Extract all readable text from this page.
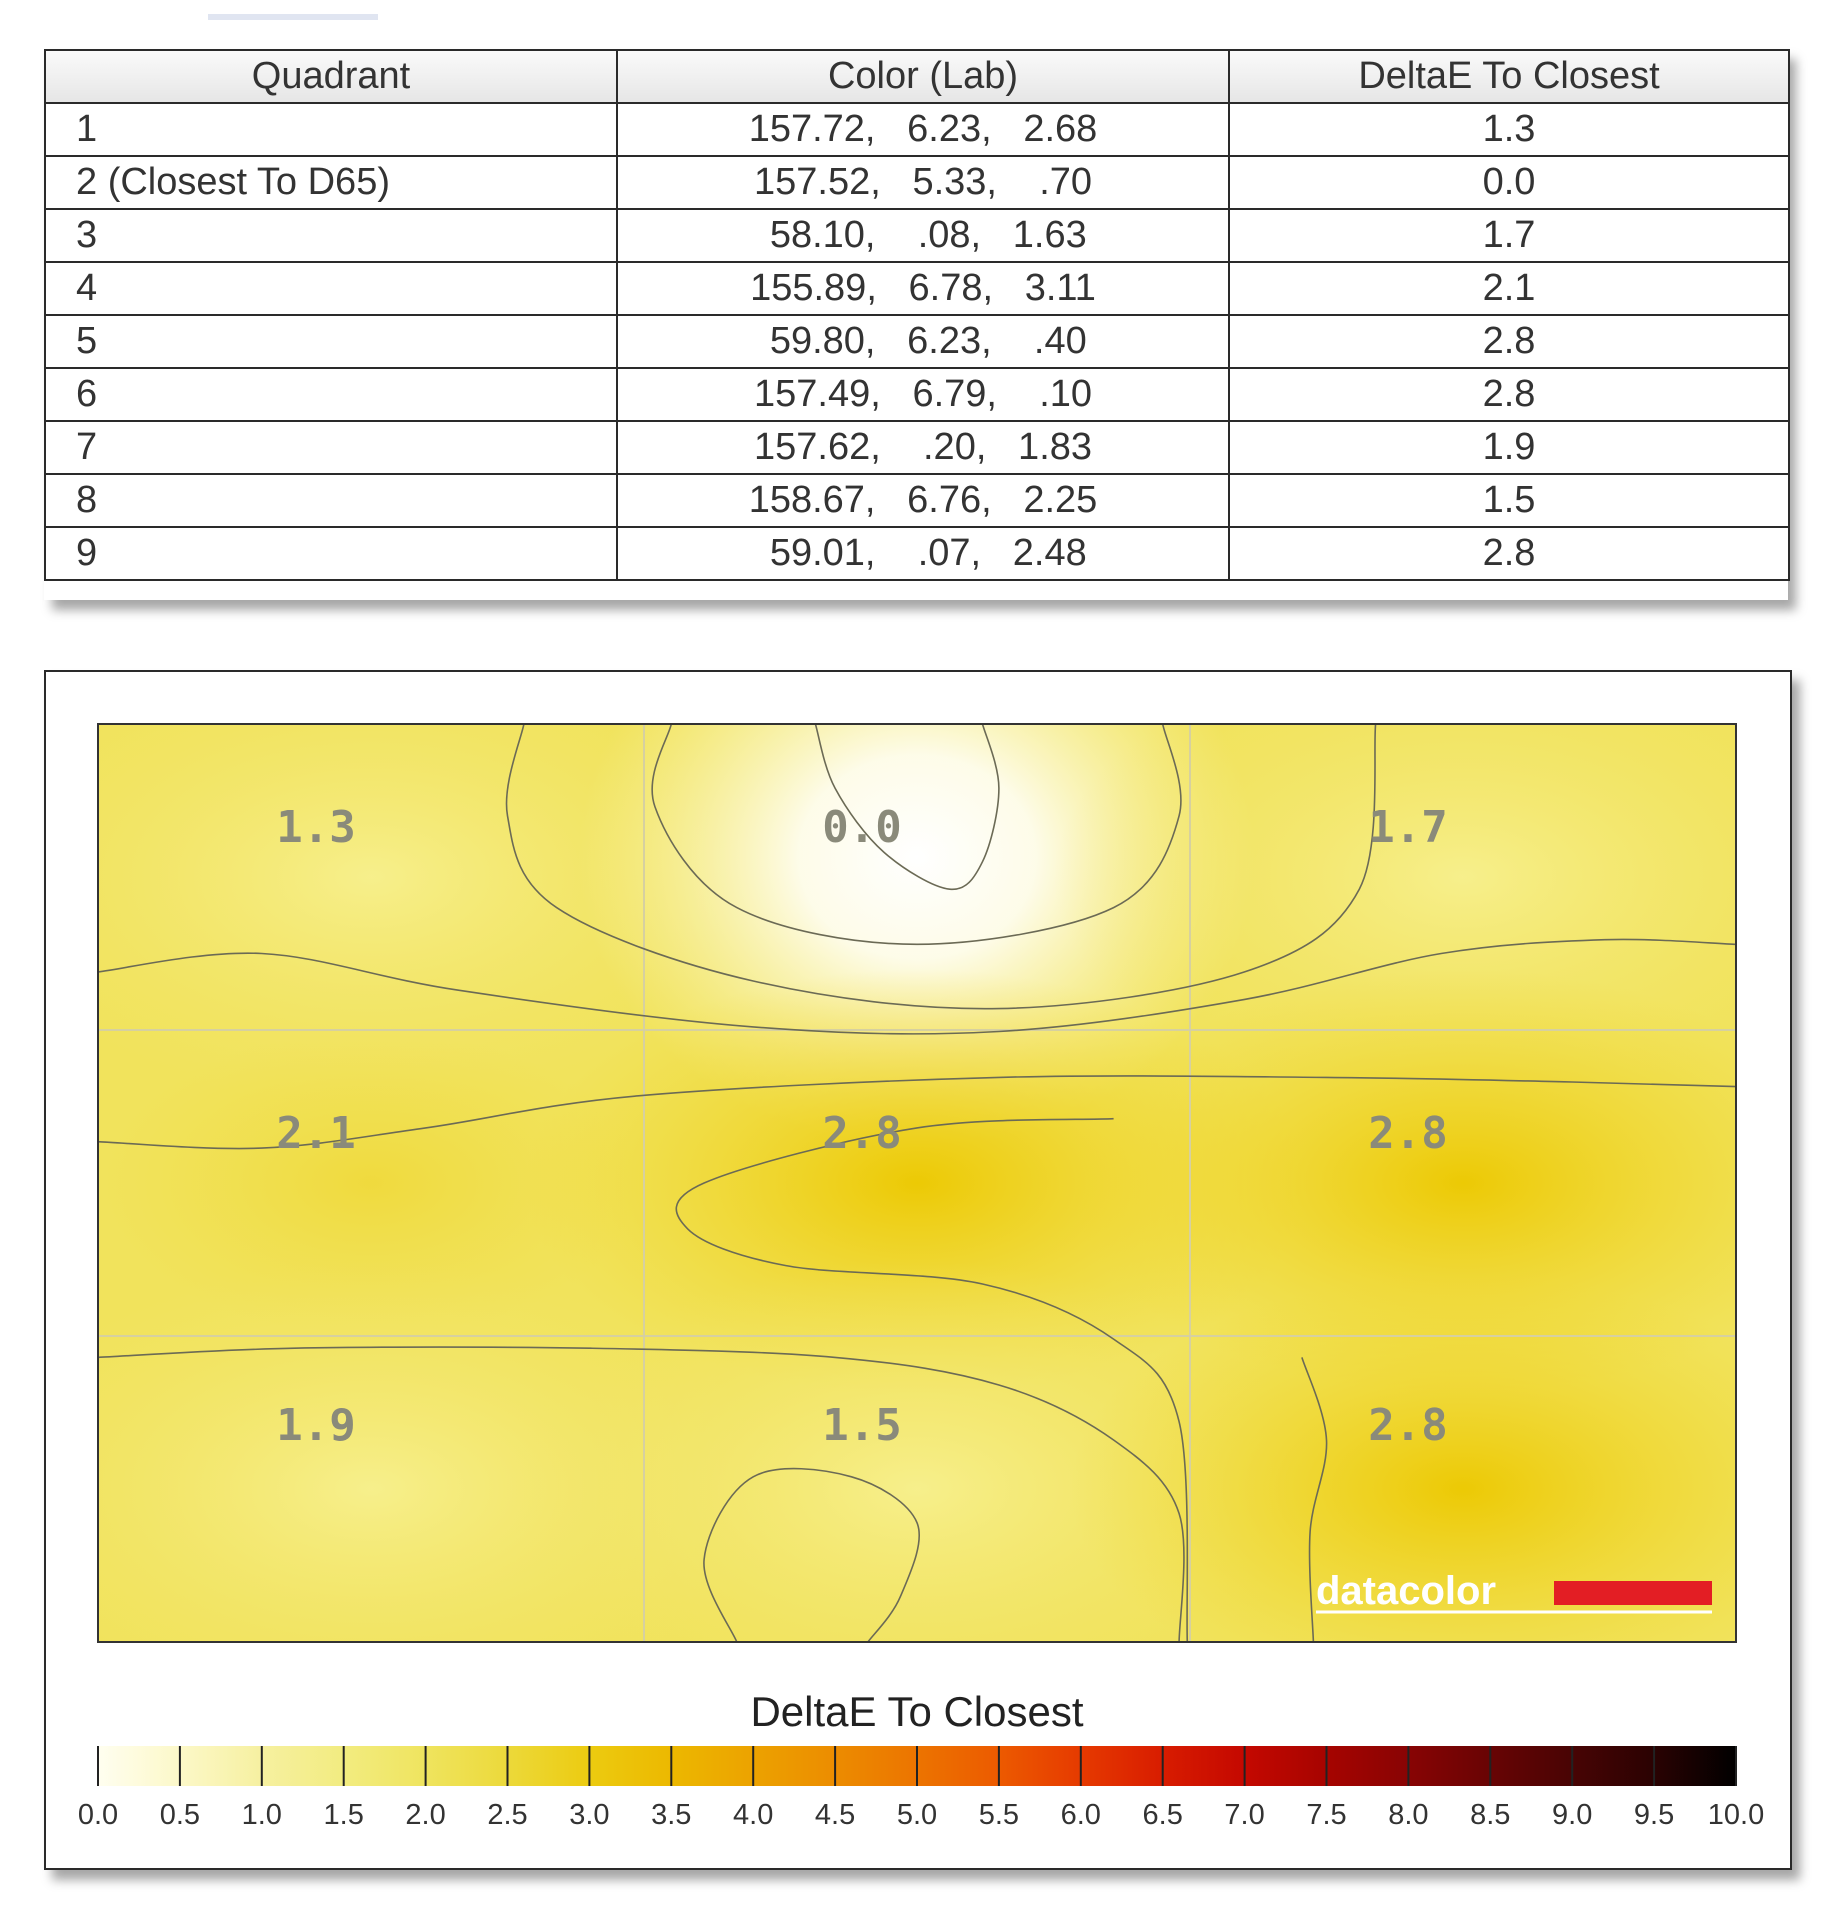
Quadrant	Color (Lab)	DeltaE To Closest
1	157.72,   6.23,   2.68	1.3
2 (Closest To D65)	157.52,   5.33,    .70	0.0
3	58.10,    .08,   1.63	1.7
4	155.89,   6.78,   3.11	2.1
5	59.80,   6.23,    .40	2.8
6	157.49,   6.79,    .10	2.8
7	157.62,    .20,   1.83	1.9
8	158.67,   6.76,   2.25	1.5
9	59.01,    .07,   2.48	2.8
1.3	0.0	1.7
2.1	2.8	2.8
1.9	1.5	2.8
datacolor
DeltaE To Closest
0.0 0.5 1.0 1.5 2.0 2.5 3.0 3.5 4.0 4.5 5.0 5.5 6.0 6.5 7.0 7.5 8.0 8.5 9.0 9.5 10.0
